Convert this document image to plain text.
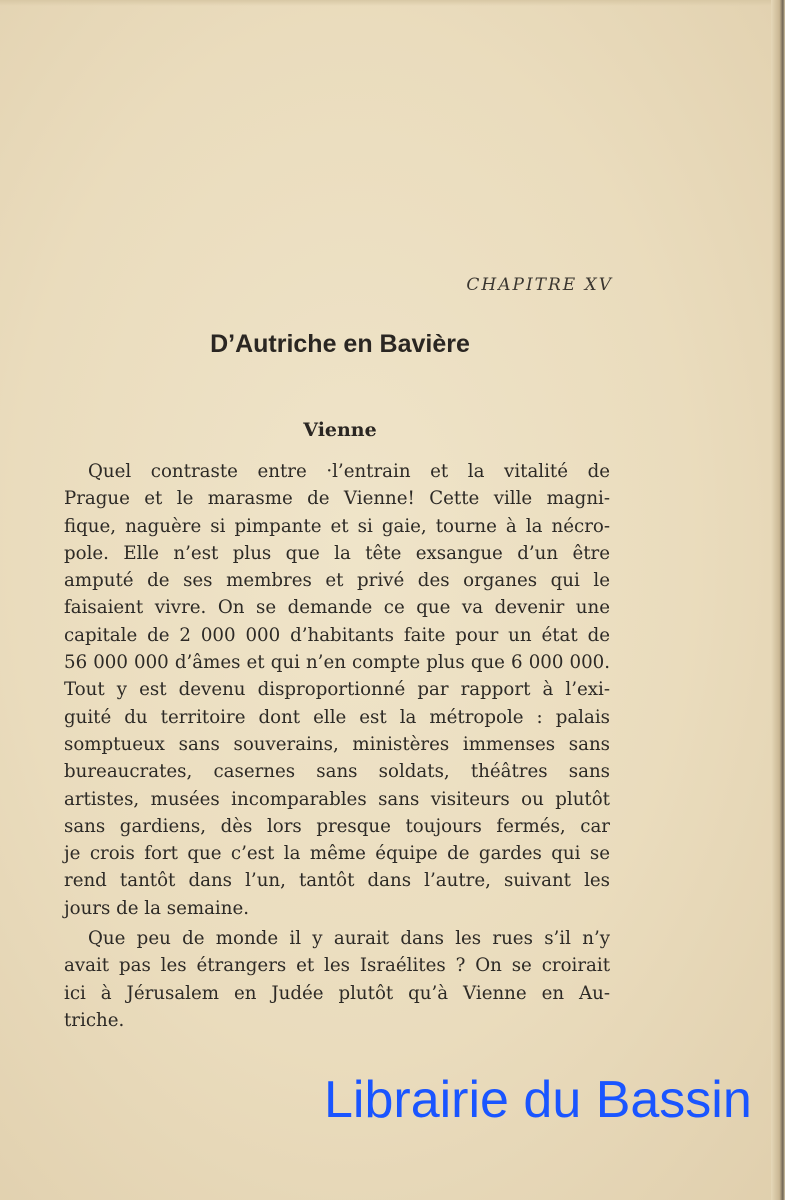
CHAPITRE XV
D’Autriche en Bavière
Vienne
Quel contraste entre ·l’entrain et la vitalité de
Prague et le marasme de Vienne! Cette ville magni-
fique, naguère si pimpante et si gaie, tourne à la nécro-
pole. Elle n’est plus que la tête exsangue d’un être
amputé de ses membres et privé des organes qui le
faisaient vivre. On se demande ce que va devenir une
capitale de 2 000 000 d’habitants faite pour un état de
56 000 000 d’âmes et qui n’en compte plus que 6 000 000.
Tout y est devenu disproportionné par rapport à l’exi-
guité du territoire dont elle est la métropole : palais
somptueux sans souverains, ministères immenses sans
bureaucrates, casernes sans soldats, théâtres sans
artistes, musées incomparables sans visiteurs ou plutôt
sans gardiens, dès lors presque toujours fermés, car
je crois fort que c’est la même équipe de gardes qui se
rend tantôt dans l’un, tantôt dans l’autre, suivant les
jours de la semaine.
Que peu de monde il y aurait dans les rues s’il n’y
avait pas les étrangers et les Israélites ? On se croirait
ici à Jérusalem en Judée plutôt qu’à Vienne en Au-
triche.
Librairie du Bassin
